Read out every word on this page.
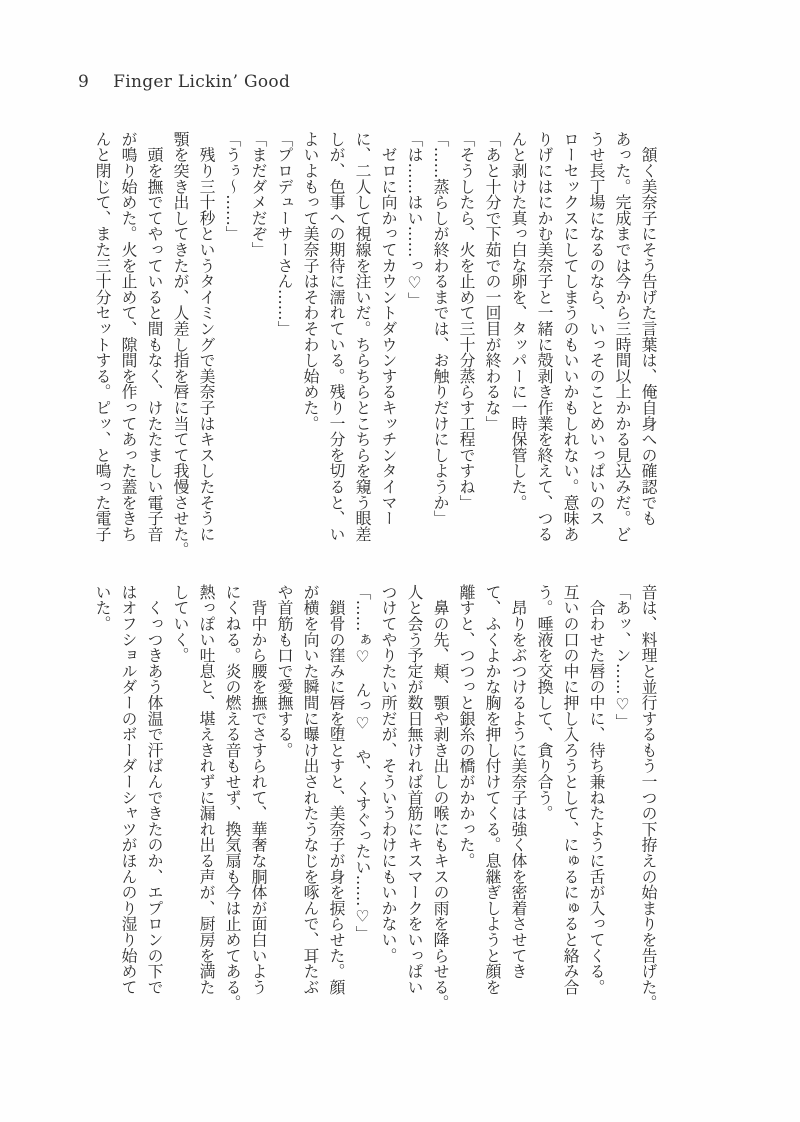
9 Finger Lickin’ Good
　頷く美奈子にそう告げた言葉は、俺自身への確認でも
あった。完成までは今から三時間以上かかる見込みだ。ど
うせ長丁場になるのなら、いっそのことめいっぱいのス
ローセックスにしてしまうのもいいかもしれない。意味あ
りげにはにかむ美奈子と一緒に殻剥き作業を終えて、つる
んと剥けた真っ白な卵を、タッパーに一時保管した。
「あと十分で下茹での一回目が終わるな」
「そうしたら、火を止めて三十分蒸らす工程ですね」
「……蒸らしが終わるまでは、お触りだけにしようか」
「は……はい……っ♡」
　ゼロに向かってカウントダウンするキッチンタイマー
に、二人して視線を注いだ。ちらちらとこちらを窺う眼差
しが、色事への期待に濡れている。残り一分を切ると、い
よいよもって美奈子はそわそわし始めた。
「プロデューサーさん……」
「まだダメだぞ」
「うぅ〜……」
　残り三十秒というタイミングで美奈子はキスしたそうに
顎を突き出してきたが、人差し指を唇に当てて我慢させた。
　頭を撫でてやっていると間もなく、けたたましい電子音
が鳴り始めた。火を止めて、隙間を作ってあった蓋をきち
んと閉じて、また三十分セットする。ピッ、と鳴った電子
音は、料理と並行するもう一つの下拵えの始まりを告げた。
「あッ、ン……♡」
　合わせた唇の中に、待ち兼ねたように舌が入ってくる。
互いの口の中に押し入ろうとして、にゅるにゅると絡み合
う。唾液を交換して、貪り合う。
　昂りをぶつけるように美奈子は強く体を密着させてき
て、ふくよかな胸を押し付けてくる。息継ぎしようと顔を
離すと、つつっと銀糸の橋がかかった。
　鼻の先、頬、顎や剥き出しの喉にもキスの雨を降らせる。
人と会う予定が数日無ければ首筋にキスマークをいっぱい
つけてやりたい所だが、そういうわけにもいかない。
「……ぁ♡　んっ♡　や、くすぐったい……♡」
　鎖骨の窪みに唇を堕とすと、美奈子が身を捩らせた。顔
が横を向いた瞬間に曝け出されたうなじを啄んで、耳たぶ
や首筋も口で愛撫する。
　背中から腰を撫でさすられて、華奢な胴体が面白いよう
にくねる。炎の燃える音もせず、換気扇も今は止めてある。
熱っぽい吐息と、堪えきれずに漏れ出る声が、厨房を満た
していく。
　くっつきあう体温で汗ばんできたのか、エプロンの下で
はオフショルダーのボーダーシャツがほんのり湿り始めて
いた。
